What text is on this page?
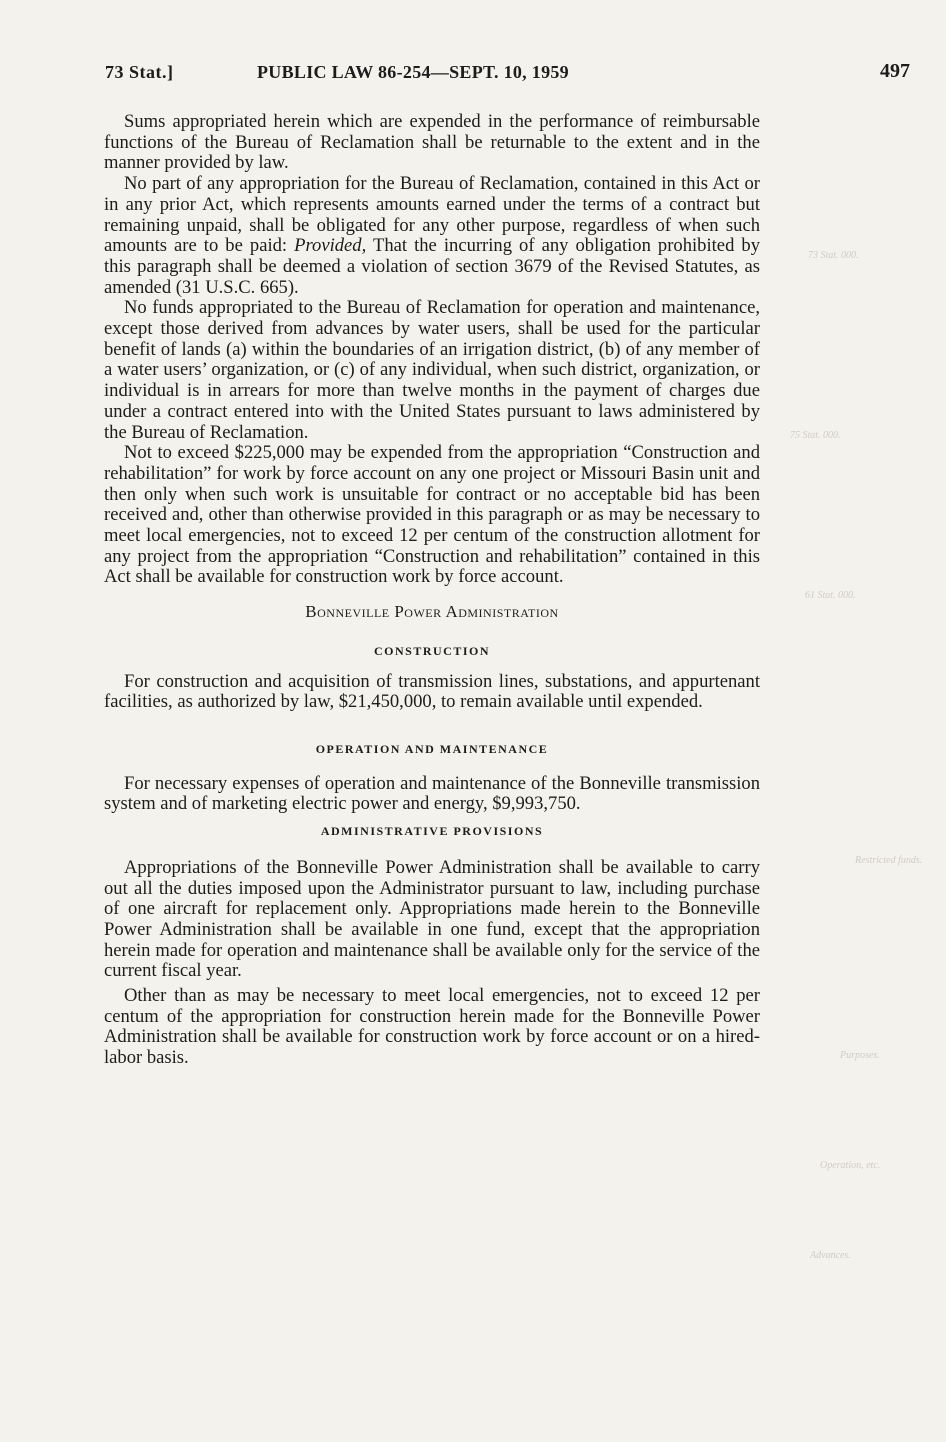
73 Stat. 000.
75 Stat. 000.
61 Stat. 000.
Restricted funds.
Purposes.
Operation, etc.
Advances.
73 Stat.]	PUBLIC LAW 86-254—SEPT. 10, 1959	497

Sums appropriated herein which are expended in the performance of reimbursable functions of the Bureau of Reclamation shall be returnable to the extent and in the manner provided by law.

No part of any appropriation for the Bureau of Reclamation, contained in this Act or in any prior Act, which represents amounts earned under the terms of a contract but remaining unpaid, shall be obligated for any other purpose, regardless of when such amounts are to be paid: Provided, That the incurring of any obligation prohibited by this paragraph shall be deemed a violation of section 3679 of the Revised Statutes, as amended (31 U.S.C. 665).

No funds appropriated to the Bureau of Reclamation for operation and maintenance, except those derived from advances by water users, shall be used for the particular benefit of lands (a) within the boundaries of an irrigation district, (b) of any member of a water users’ organization, or (c) of any individual, when such district, organization, or individual is in arrears for more than twelve months in the payment of charges due under a contract entered into with the United States pursuant to laws administered by the Bureau of Reclamation.

Not to exceed $225,000 may be expended from the appropriation “Construction and rehabilitation” for work by force account on any one project or Missouri Basin unit and then only when such work is unsuitable for contract or no acceptable bid has been received and, other than otherwise provided in this paragraph or as may be necessary to meet local emergencies, not to exceed 12 per centum of the construction allotment for any project from the appropriation “Construction and rehabilitation” contained in this Act shall be available for construction work by force account.

Bonneville Power Administration
CONSTRUCTION

For construction and acquisition of transmission lines, substations, and appurtenant facilities, as authorized by law, $21,450,000, to remain available until expended.

OPERATION AND MAINTENANCE

For necessary expenses of operation and maintenance of the Bonneville transmission system and of marketing electric power and energy, $9,993,750.

ADMINISTRATIVE PROVISIONS

Appropriations of the Bonneville Power Administration shall be available to carry out all the duties imposed upon the Administrator pursuant to law, including purchase of one aircraft for replacement only. Appropriations made herein to the Bonneville Power Administration shall be available in one fund, except that the appropriation herein made for operation and maintenance shall be available only for the service of the current fiscal year.

Other than as may be necessary to meet local emergencies, not to exceed 12 per centum of the appropriation for construction herein made for the Bonneville Power Administration shall be available for construction work by force account or on a hired-labor basis.
